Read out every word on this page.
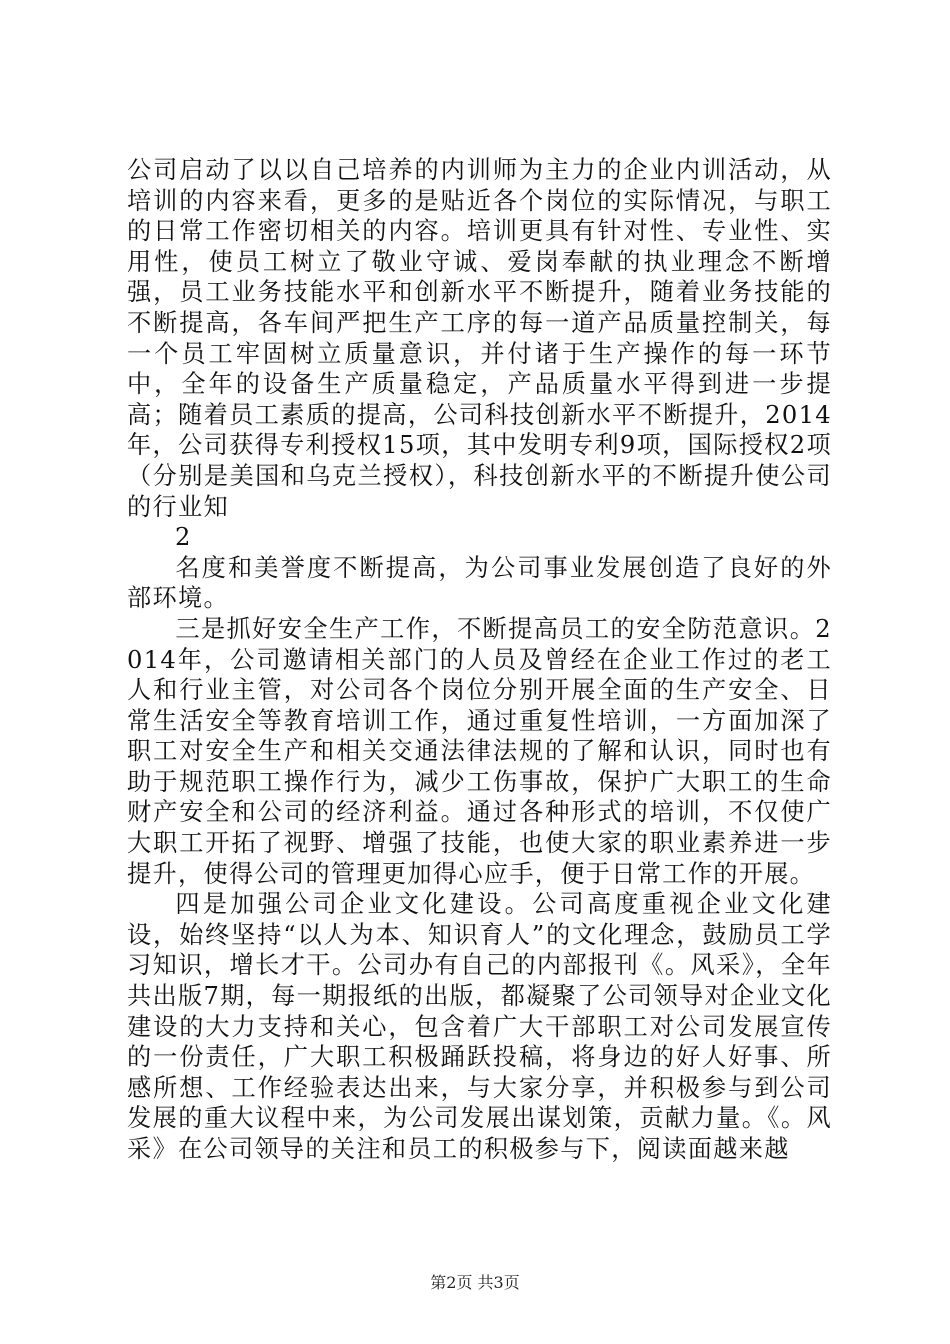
公司启动了以以自己培养的内训师为主力的企业内训活动，从培训的内容来看，更多的是贴近各个岗位的实际情况，与职工的日常工作密切相关的内容。培训更具有针对性、专业性、实用性，使员工树立了敬业守诚、爱岗奉献的执业理念不断增强，员工业务技能水平和创新水平不断提升，随着业务技能的不断提高，各车间严把生产工序的每一道产品质量控制关，每一个员工牢固树立质量意识，并付诸于生产操作的每一环节中，全年的设备生产质量稳定，产品质量水平得到进一步提高；随着员工素质的提高，公司科技创新水平不断提升，2014年，公司获得专利授权15项，其中发明专利9项，国际授权2项（分别是美国和乌克兰授权），科技创新水平的不断提升使公司的行业知

2

名度和美誉度不断提高，为公司事业发展创造了良好的外部环境。

三是抓好安全生产工作，不断提高员工的安全防范意识。2014年，公司邀请相关部门的人员及曾经在企业工作过的老工人和行业主管，对公司各个岗位分别开展全面的生产安全、日常生活安全等教育培训工作，通过重复性培训，一方面加深了职工对安全生产和相关交通法律法规的了解和认识，同时也有助于规范职工操作行为，减少工伤事故，保护广大职工的生命财产安全和公司的经济利益。通过各种形式的培训，不仅使广大职工开拓了视野、增强了技能，也使大家的职业素养进一步提升，使得公司的管理更加得心应手，便于日常工作的开展。

四是加强公司企业文化建设。公司高度重视企业文化建设，始终坚持“以人为本、知识育人”的文化理念，鼓励员工学习知识，增长才干。公司办有自己的内部报刊《。风采》，全年共出版7期，每一期报纸的出版，都凝聚了公司领导对企业文化建设的大力支持和关心，包含着广大干部职工对公司发展宣传的一份责任，广大职工积极踊跃投稿，将身边的好人好事、所感所想、工作经验表达出来，与大家分享，并积极参与到公司发展的重大议程中来，为公司发展出谋划策，贡献力量。《。风采》在公司领导的关注和员工的积极参与下，阅读面越来越

第2页 共3页
